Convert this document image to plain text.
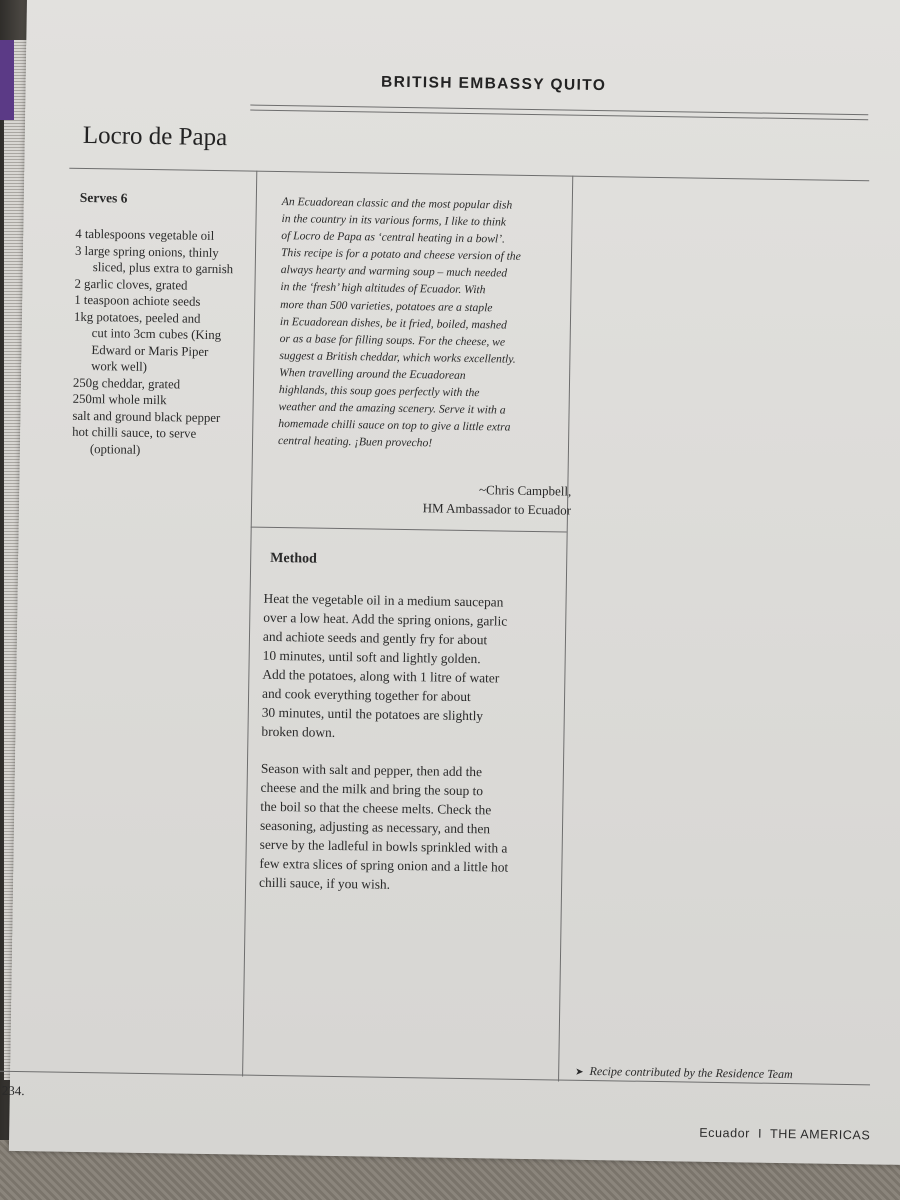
BRITISH EMBASSY QUITO
Locro de Papa
Serves 6
4 tablespoons vegetable oil
3 large spring onions, thinly
sliced, plus extra to garnish
2 garlic cloves, grated
1 teaspoon achiote seeds
1kg potatoes, peeled and
cut into 3cm cubes (King
Edward or Maris Piper
work well)
250g cheddar, grated
250ml whole milk
salt and ground black pepper
hot chilli sauce, to serve
(optional)
An Ecuadorean classic and the most popular dish
in the country in its various forms, I like to think
of Locro de Papa as ‘central heating in a bowl’.
This recipe is for a potato and cheese version of the
always hearty and warming soup – much needed
in the ‘fresh’ high altitudes of Ecuador. With
more than 500 varieties, potatoes are a staple
in Ecuadorean dishes, be it fried, boiled, mashed
or as a base for filling soups. For the cheese, we
suggest a British cheddar, which works excellently.
When travelling around the Ecuadorean
highlands, this soup goes perfectly with the
weather and the amazing scenery. Serve it with a
homemade chilli sauce on top to give a little extra
central heating. ¡Buen provecho!
~Chris Campbell,
HM Ambassador to Ecuador
Method
Heat the vegetable oil in a medium saucepan
over a low heat. Add the spring onions, garlic
and achiote seeds and gently fry for about
10 minutes, until soft and lightly golden.
Add the potatoes, along with 1 litre of water
and cook everything together for about
30 minutes, until the potatoes are slightly
broken down.
Season with salt and pepper, then add the
cheese and the milk and bring the soup to
the boil so that the cheese melts. Check the
seasoning, adjusting as necessary, and then
serve by the ladleful in bowls sprinkled with a
few extra slices of spring onion and a little hot
chilli sauce, if you wish.
➤ Recipe contributed by the Residence Team
234.
Ecuador I THE AMERICAS
